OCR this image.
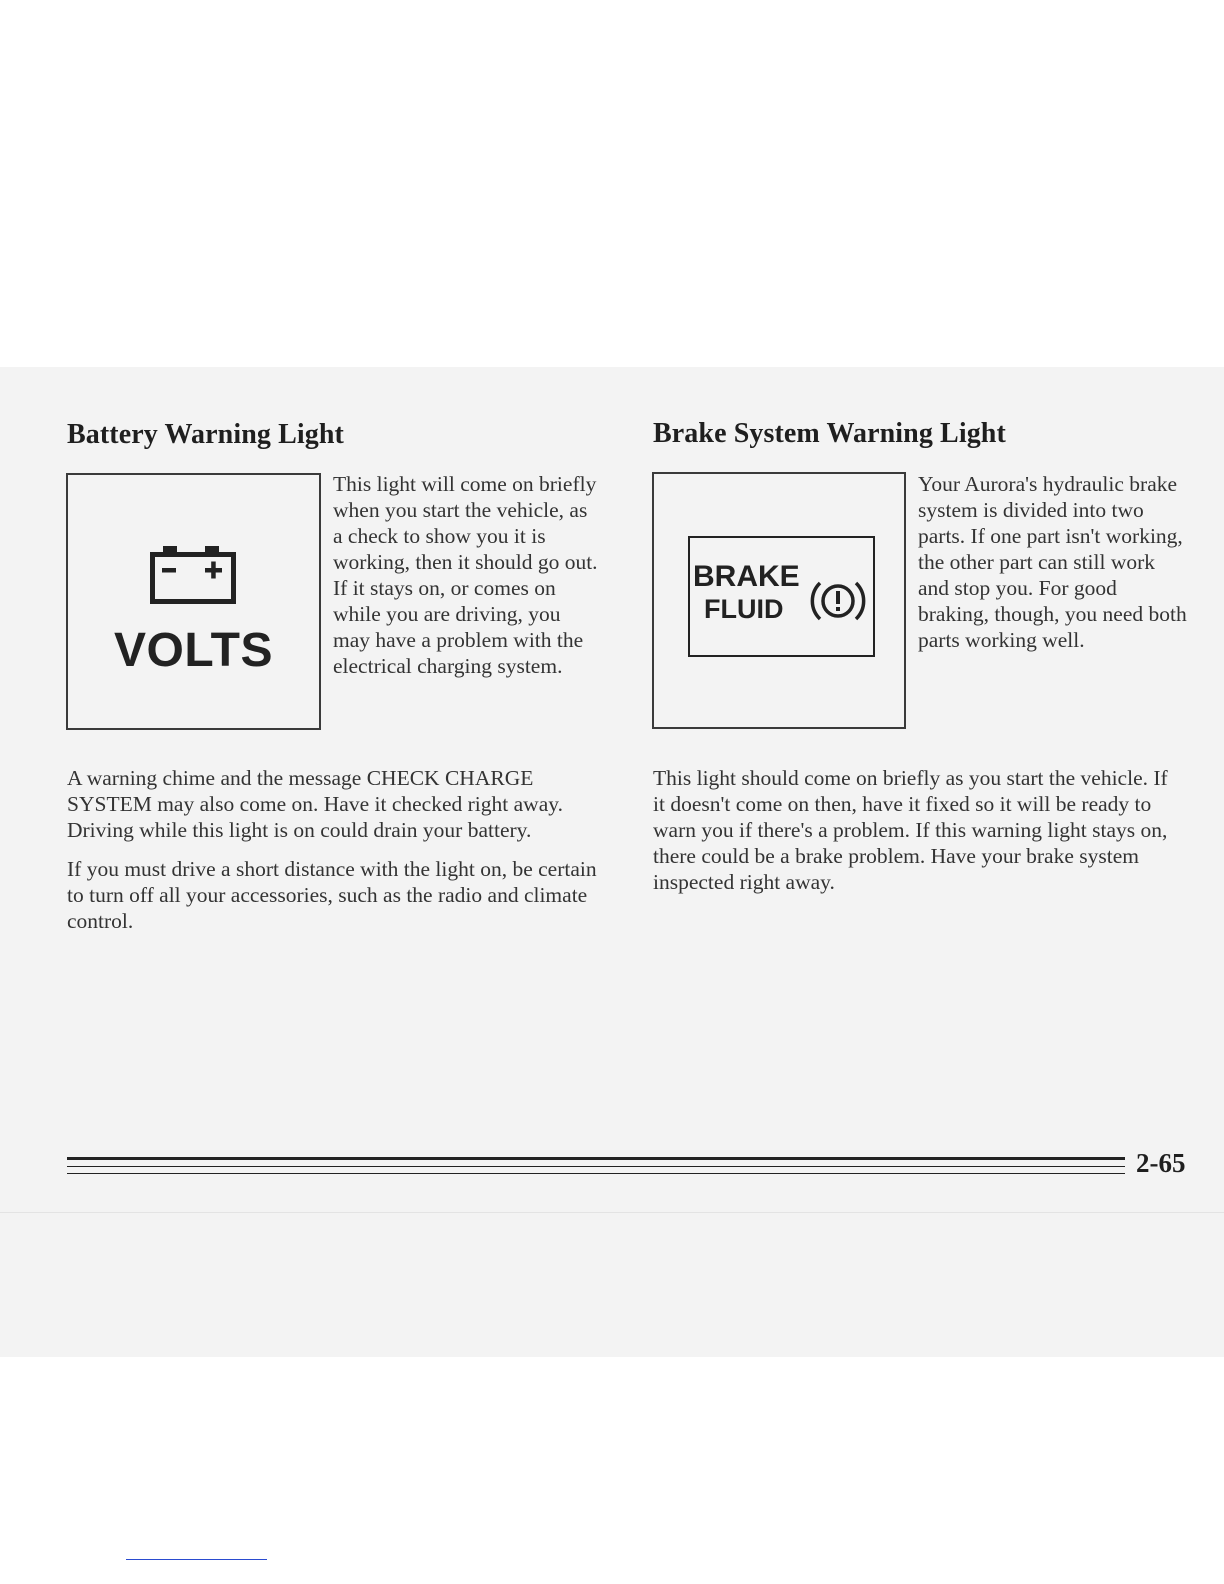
Battery Warning Light
VOLTS

This light will come on briefly when you start the vehicle, as a check to show you it is working, then it should go out. If it stays on, or comes on while you are driving, you may have a problem with the electrical charging system.

A warning chime and the message CHECK CHARGE SYSTEM may also come on. Have it checked right away. Driving while this light is on could drain your battery.

If you must drive a short distance with the light on, be certain to turn off all your accessories, such as the radio and climate control.

Brake System Warning Light
BRAKE
FLUID

Your Aurora's hydraulic brake system is divided into two parts. If one part isn't working, the other part can still work and stop you. For good braking, though, you need both parts working well.

This light should come on briefly as you start the vehicle. If it doesn't come on then, have it fixed so it will be ready to warn you if there's a problem. If this warning light stays on, there could be a brake problem. Have your brake system inspected right away.

2-65
